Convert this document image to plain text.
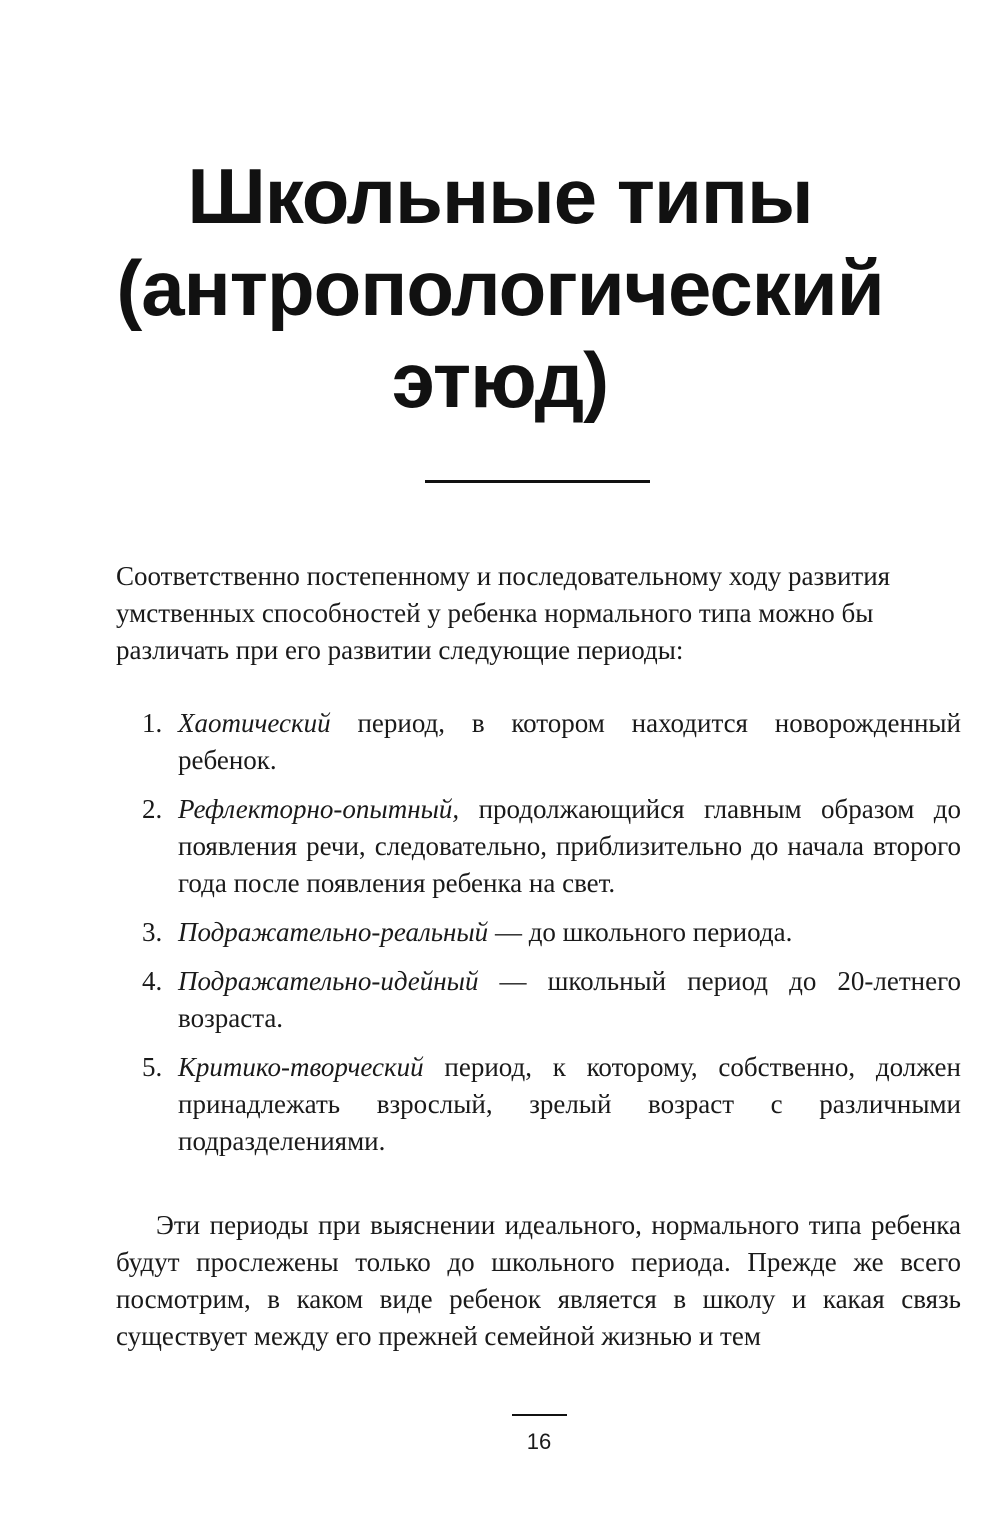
Школьные типы
(антропологический
этюд)

Соответственно постепенному и последовательному ходу развития умственных способностей у ребенка нормального типа можно бы различать при его развитии следующие периоды:

1. Хаотический период, в котором находится новорожденный ребенок.
2. Рефлекторно-опытный, продолжающийся главным образом до появления речи, следовательно, приблизительно до начала второго года после появления ребенка на свет.
3. Подражательно-реальный — до школьного периода.
4. Подражательно-идейный — школьный период до 20-летнего возраста.
5. Критико-творческий период, к которому, собственно, должен принадлежать взрослый, зрелый возраст с различными подразделениями.

Эти периоды при выяснении идеального, нормального типа ребенка будут прослежены только до школьного периода. Прежде же всего посмотрим, в каком виде ребенок является в школу и какая связь существует между его прежней семейной жизнью и тем

16
